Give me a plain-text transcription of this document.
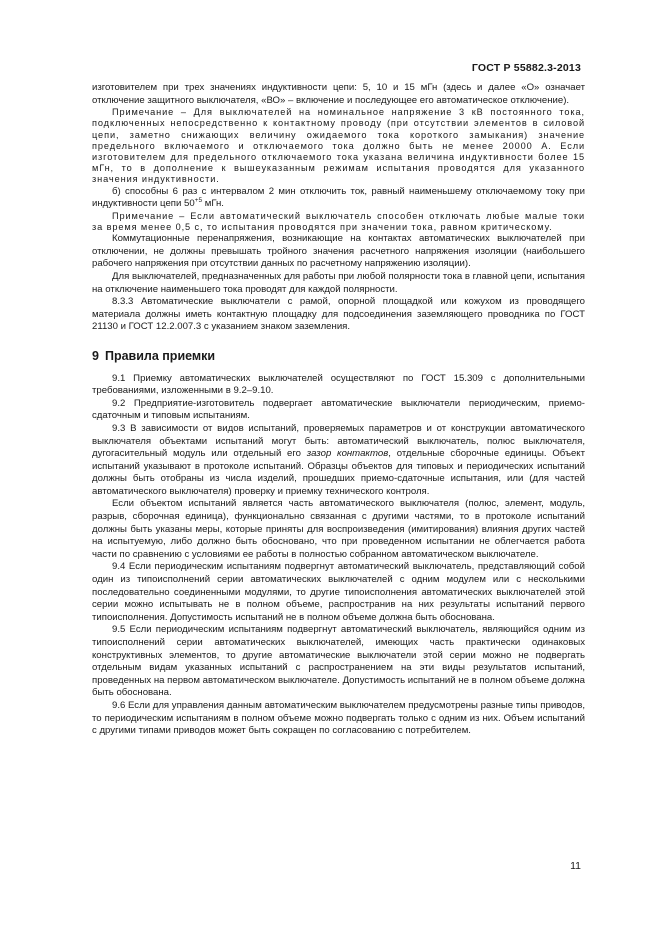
ГОСТ Р 55882.3-2013

изготовителем при трех значениях индуктивности цепи: 5, 10 и 15 мГн (здесь и далее «О» означает отключение защитного выключателя, «ВО» – включение и последующее его автоматическое отключение).

Примечание – Для выключателей на номинальное напряжение 3 кВ постоянного тока, подключенных непосредственно к контактному проводу (при отсутствии элементов в силовой цепи, заметно снижающих величину ожидаемого тока короткого замыкания) значение предельного включаемого и отключаемого тока должно быть не менее 20000 А. Если изготовителем для предельного отключаемого тока указана величина индуктивности более 15 мГн, то в дополнение к вышеуказанным режимам испытания проводятся для указанного значения индуктивности.

б) способны 6 раз с интервалом 2 мин отключить ток, равный наименьшему отключаемому току при индуктивности цепи $50^{+5}$ мГн.

Примечание – Если автоматический выключатель способен отключать любые малые токи за время менее 0,5 с, то испытания проводятся при значении тока, равном критическому.

Коммутационные перенапряжения, возникающие на контактах автоматических выключателей при отключении, не должны превышать тройного значения расчетного напряжения изоляции (наибольшего рабочего напряжения при отсутствии данных по расчетному напряжению изоляции).

Для выключателей, предназначенных для работы при любой полярности тока в главной цепи, испытания на отключение наименьшего тока проводят для каждой полярности.

8.3.3 Автоматические выключатели с рамой, опорной площадкой или кожухом из проводящего материала должны иметь контактную площадку для подсоединения заземляющего проводника по ГОСТ 21130 и ГОСТ 12.2.007.3 с указанием знаком заземления.

9 Правила приемки

9.1 Приемку автоматических выключателей осуществляют по ГОСТ 15.309 с дополнительными требованиями, изложенными в 9.2–9.10.

9.2 Предприятие-изготовитель подвергает автоматические выключатели периодическим, приемо-сдаточным и типовым испытаниям.

9.3 В зависимости от видов испытаний, проверяемых параметров и от конструкции автоматического выключателя объектами испытаний могут быть: автоматический выключатель, полюс выключателя, дугогасительный модуль или отдельный его зазор контактов, отдельные сборочные единицы. Объект испытаний указывают в протоколе испытаний. Образцы объектов для типовых и периодических испытаний должны быть отобраны из числа изделий, прошедших приемо-сдаточные испытания, или (для частей автоматического выключателя) проверку и приемку технического контроля.

Если объектом испытаний является часть автоматического выключателя (полюс, элемент, модуль, разрыв, сборочная единица), функционально связанная с другими частями, то в протоколе испытаний должны быть указаны меры, которые приняты для воспроизведения (имитирования) влияния других частей на испытуемую, либо должно быть обосновано, что при проведенном испытании не облегчается работа части по сравнению с условиями ее работы в полностью собранном автоматическом выключателе.

9.4 Если периодическим испытаниям подвергнут автоматический выключатель, представляющий собой один из типоисполнений серии автоматических выключателей с одним модулем или с несколькими последовательно соединенными модулями, то другие типоисполнения автоматических выключателей этой серии можно испытывать не в полном объеме, распространив на них результаты испытаний первого типоисполнения. Допустимость испытаний не в полном объеме должна быть обоснована.

9.5 Если периодическим испытаниям подвергнут автоматический выключатель, являющийся одним из типоисполнений серии автоматических выключателей, имеющих часть практически одинаковых конструктивных элементов, то другие автоматические выключатели этой серии можно не подвергать отдельным видам указанных испытаний с распространением на эти виды результатов испытаний, проведенных на первом автоматическом выключателе. Допустимость испытаний не в полном объеме должна быть обоснована.

9.6 Если для управления данным автоматическим выключателем предусмотрены разные типы приводов, то периодическим испытаниям в полном объеме можно подвергать только с одним из них. Объем испытаний с другими типами приводов может быть сокращен по согласованию с потребителем.

11
